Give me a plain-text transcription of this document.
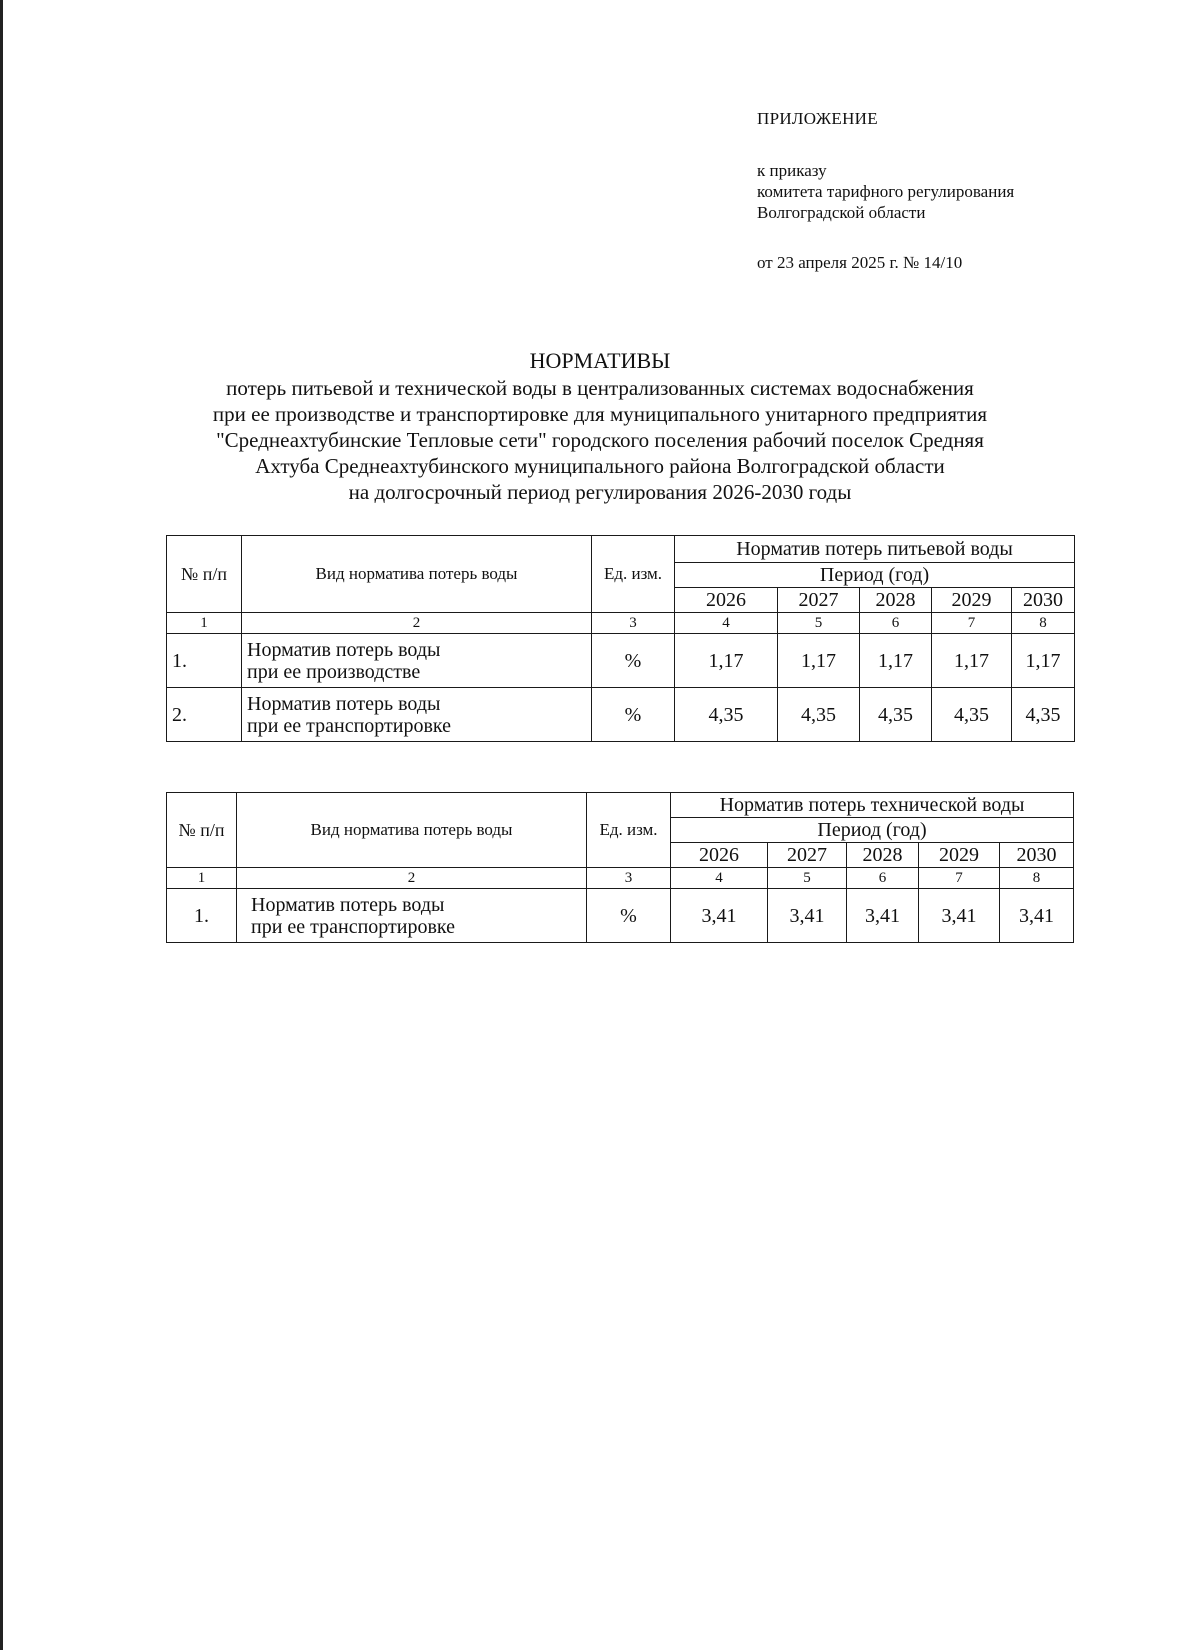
ПРИЛОЖЕНИЕ
к приказу
комитета тарифного регулирования
Волгоградской области
от 23 апреля 2025 г. № 14/10
НОРМАТИВЫ
потерь питьевой и технической воды в централизованных системах водоснабжения
при ее производстве и транспортировке для муниципального унитарного предприятия
"Среднеахтубинские Тепловые сети" городского поселения рабочий поселок Средняя
Ахтуба Среднеахтубинского муниципального района Волгоградской области
на долгосрочный период регулирования 2026-2030 годы
№ п/п	Вид норматива потерь воды	Ед. изм.	Норматив потерь питьевой воды				
			Период (год)				
			2026	2027	2028	2029	2030
1	2	3	4	5	6	7	8
1.	Норматив потерь воды
при ее производстве	%	1,17	1,17	1,17	1,17	1,17
2.	Норматив потерь воды
при ее транспортировке	%	4,35	4,35	4,35	4,35	4,35
№ п/п	Вид норматива потерь воды	Ед. изм.	Норматив потерь технической воды				
			Период (год)				
			2026	2027	2028	2029	2030
1	2	3	4	5	6	7	8
1.	Норматив потерь воды
при ее транспортировке	%	3,41	3,41	3,41	3,41	3,41
